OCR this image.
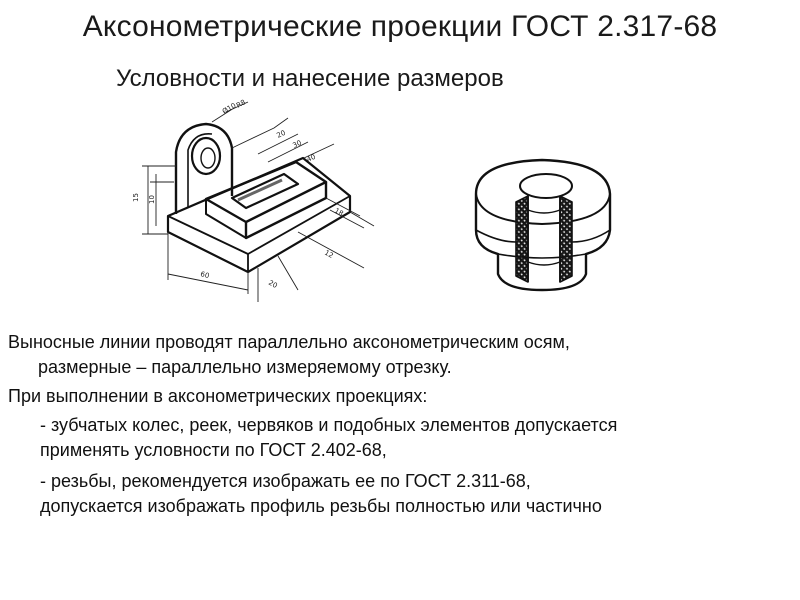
Аксонометрические проекции ГОСТ 2.317-68
Условности и нанесение размеров
Ø10
R8
15 10
20
30
40
18
60
12
20
Выносные линии проводят параллельно аксонометрическим осям,
размерные – параллельно измеряемому отрезку.
При выполнении в аксонометрических проекциях:
- зубчатых колес, реек, червяков и подобных элементов допускается
применять условности по ГОСТ 2.402-68,
- резьбы, рекомендуется изображать ее по ГОСТ 2.311-68,
допускается изображать профиль резьбы полностью или частично
